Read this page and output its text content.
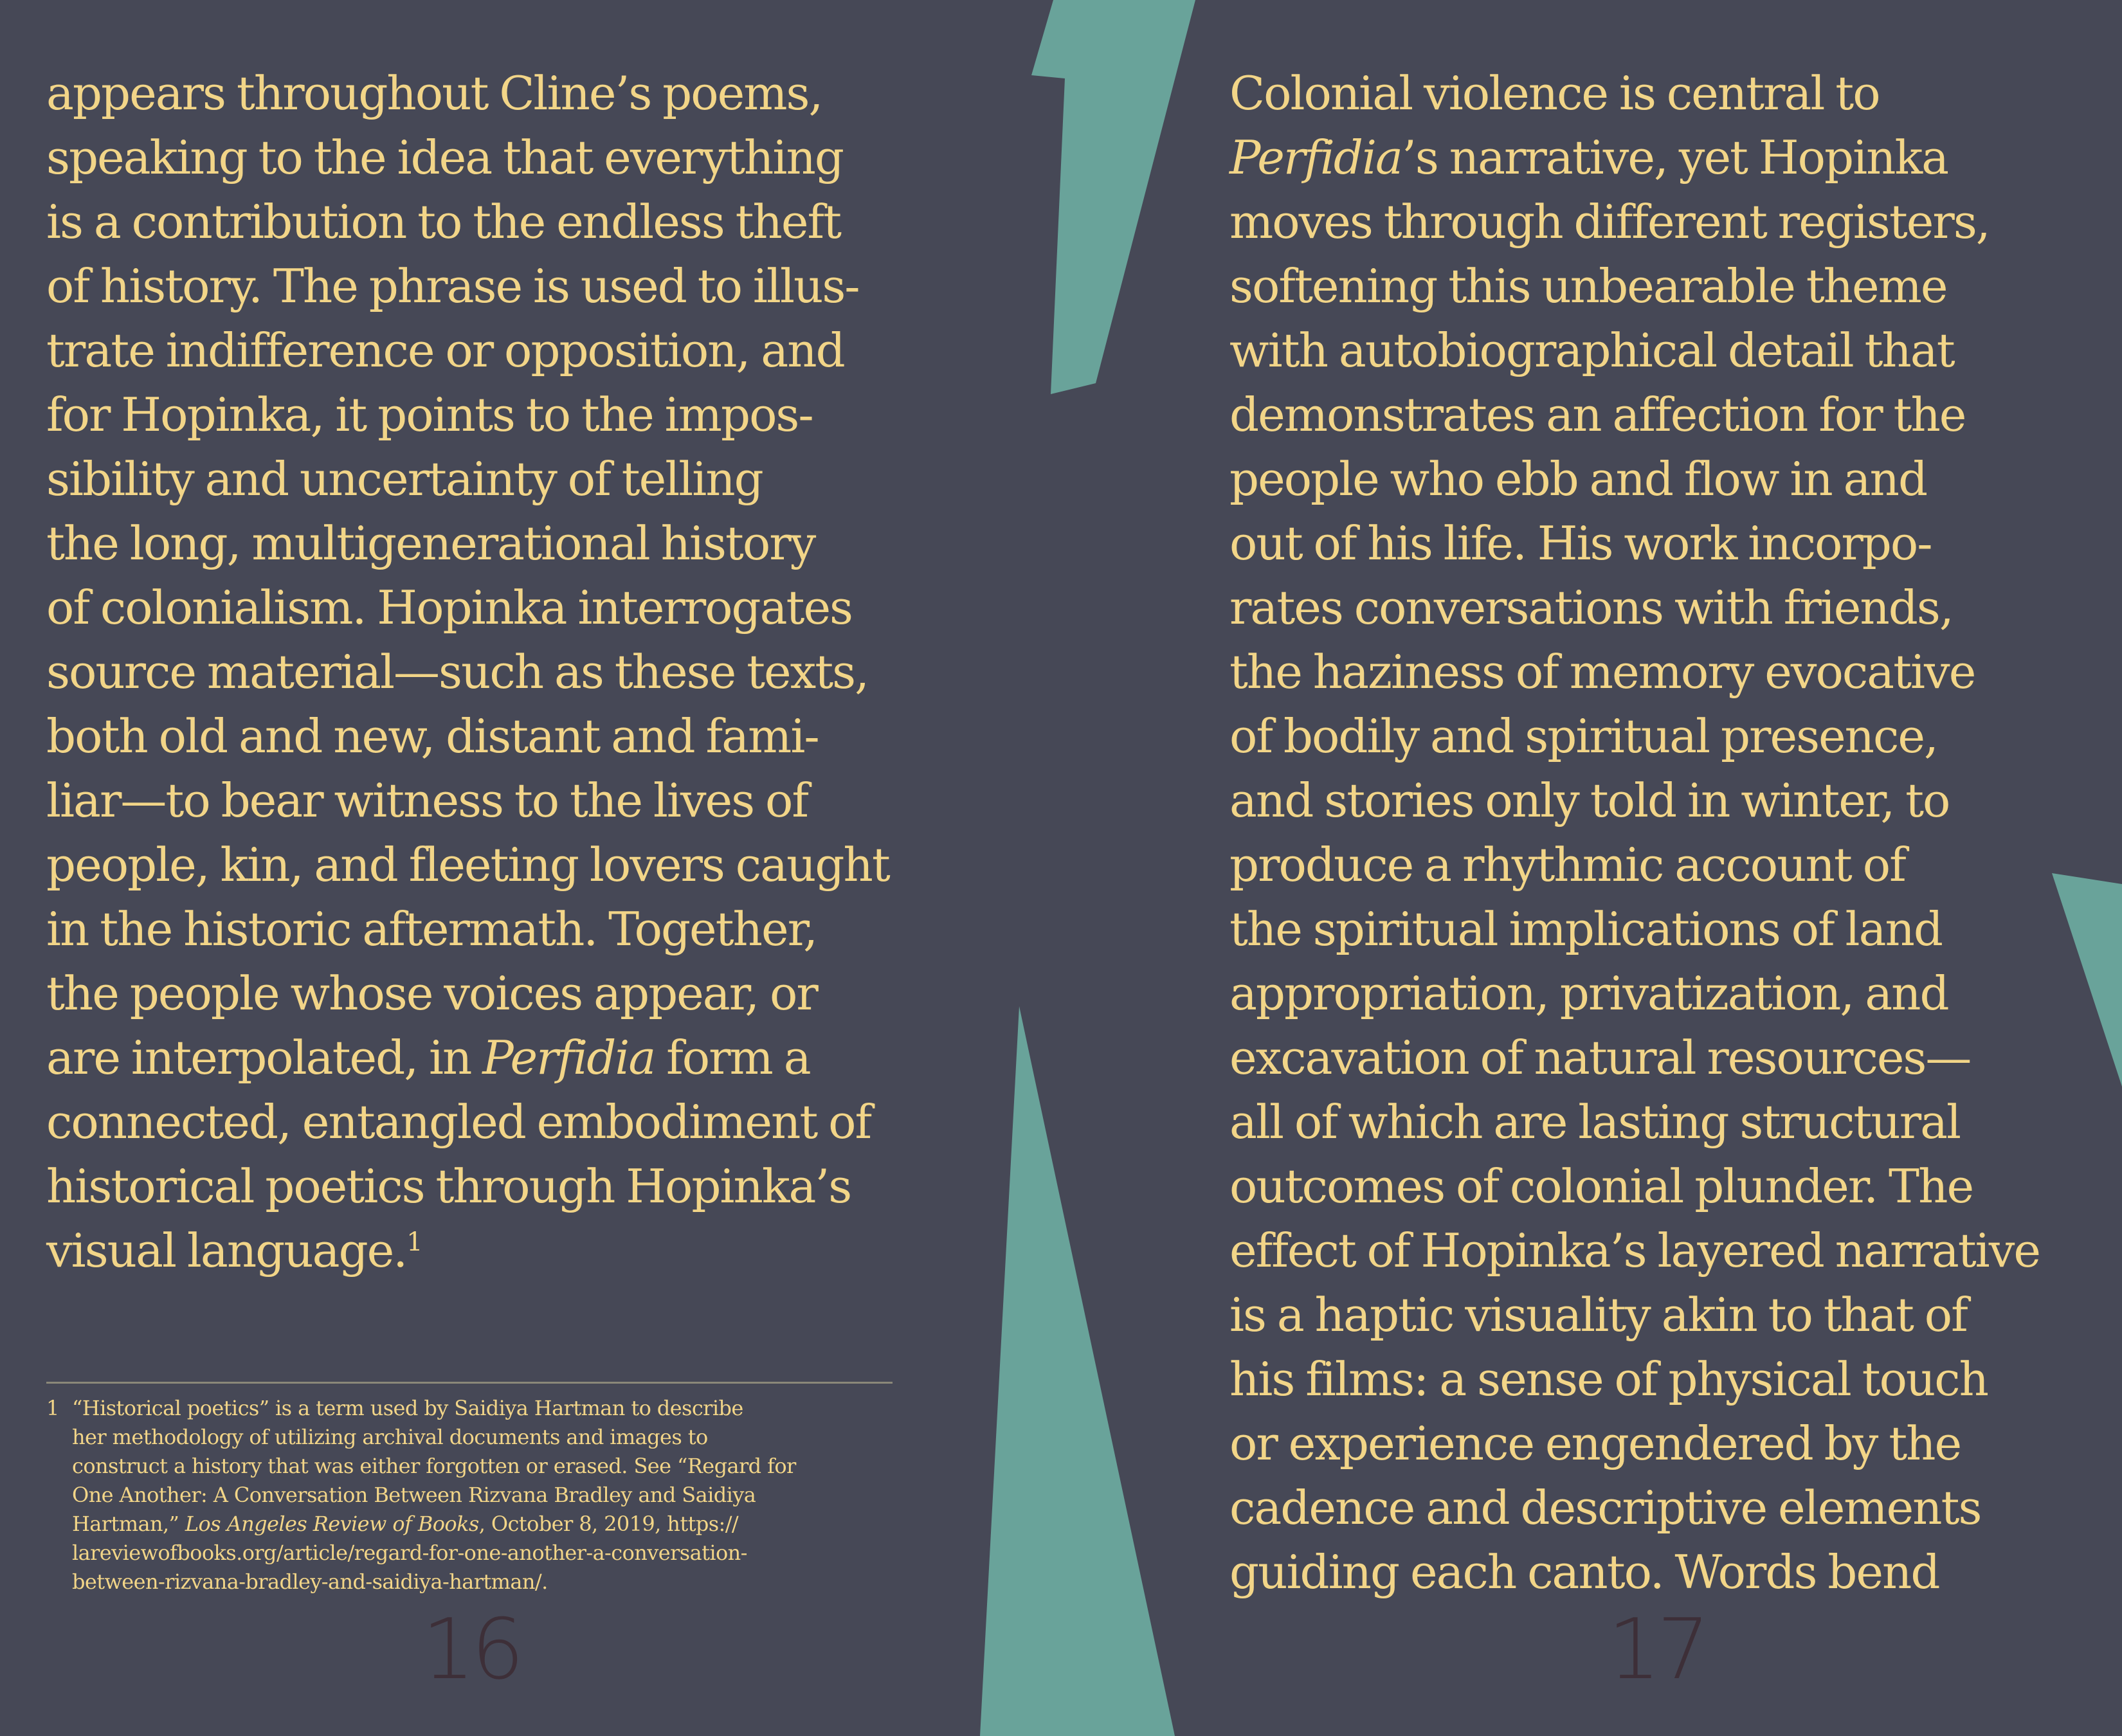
appears throughout Cline’s poems,
speaking to the idea that everything
is a contribution to the endless theft
of history. The phrase is used to illus-
trate indifference or opposition, and
for Hopinka, it points to the impos-
sibility and uncertainty of telling
the long, multigenerational history
of colonialism. Hopinka interrogates
source material—such as these texts,
both old and new, distant and fami-
liar—to bear witness to the lives of
people, kin, and fleeting lovers caught
in the historic aftermath. Together,
the people whose voices appear, or
are interpolated, in Perfidia form a
connected, entangled embodiment of
historical poetics through Hopinka’s
visual language.$^1$
1 “Historical poetics” is a term used by Saidiya Hartman to describe
her methodology of utilizing archival documents and images to
construct a history that was either forgotten or erased. See “Regard for
One Another: A Conversation Between Rizvana Bradley and Saidiya
Hartman,” Los Angeles Review of Books, October 8, 2019, https://
lareviewofbooks.org/article/regard-for-one-another-a-conversation-
between-rizvana-bradley-and-saidiya-hartman/.
16
Colonial violence is central to
Perfidia’s narrative, yet Hopinka
moves through different registers,
softening this unbearable theme
with autobiographical detail that
demonstrates an affection for the
people who ebb and flow in and
out of his life. His work incorpo-
rates conversations with friends,
the haziness of memory evocative
of bodily and spiritual presence,
and stories only told in winter, to
produce a rhythmic account of
the spiritual implications of land
appropriation, privatization, and
excavation of natural resources—
all of which are lasting structural
outcomes of colonial plunder. The
effect of Hopinka’s layered narrative
is a haptic visuality akin to that of
his films: a sense of physical touch
or experience engendered by the
cadence and descriptive elements
guiding each canto. Words bend
17
